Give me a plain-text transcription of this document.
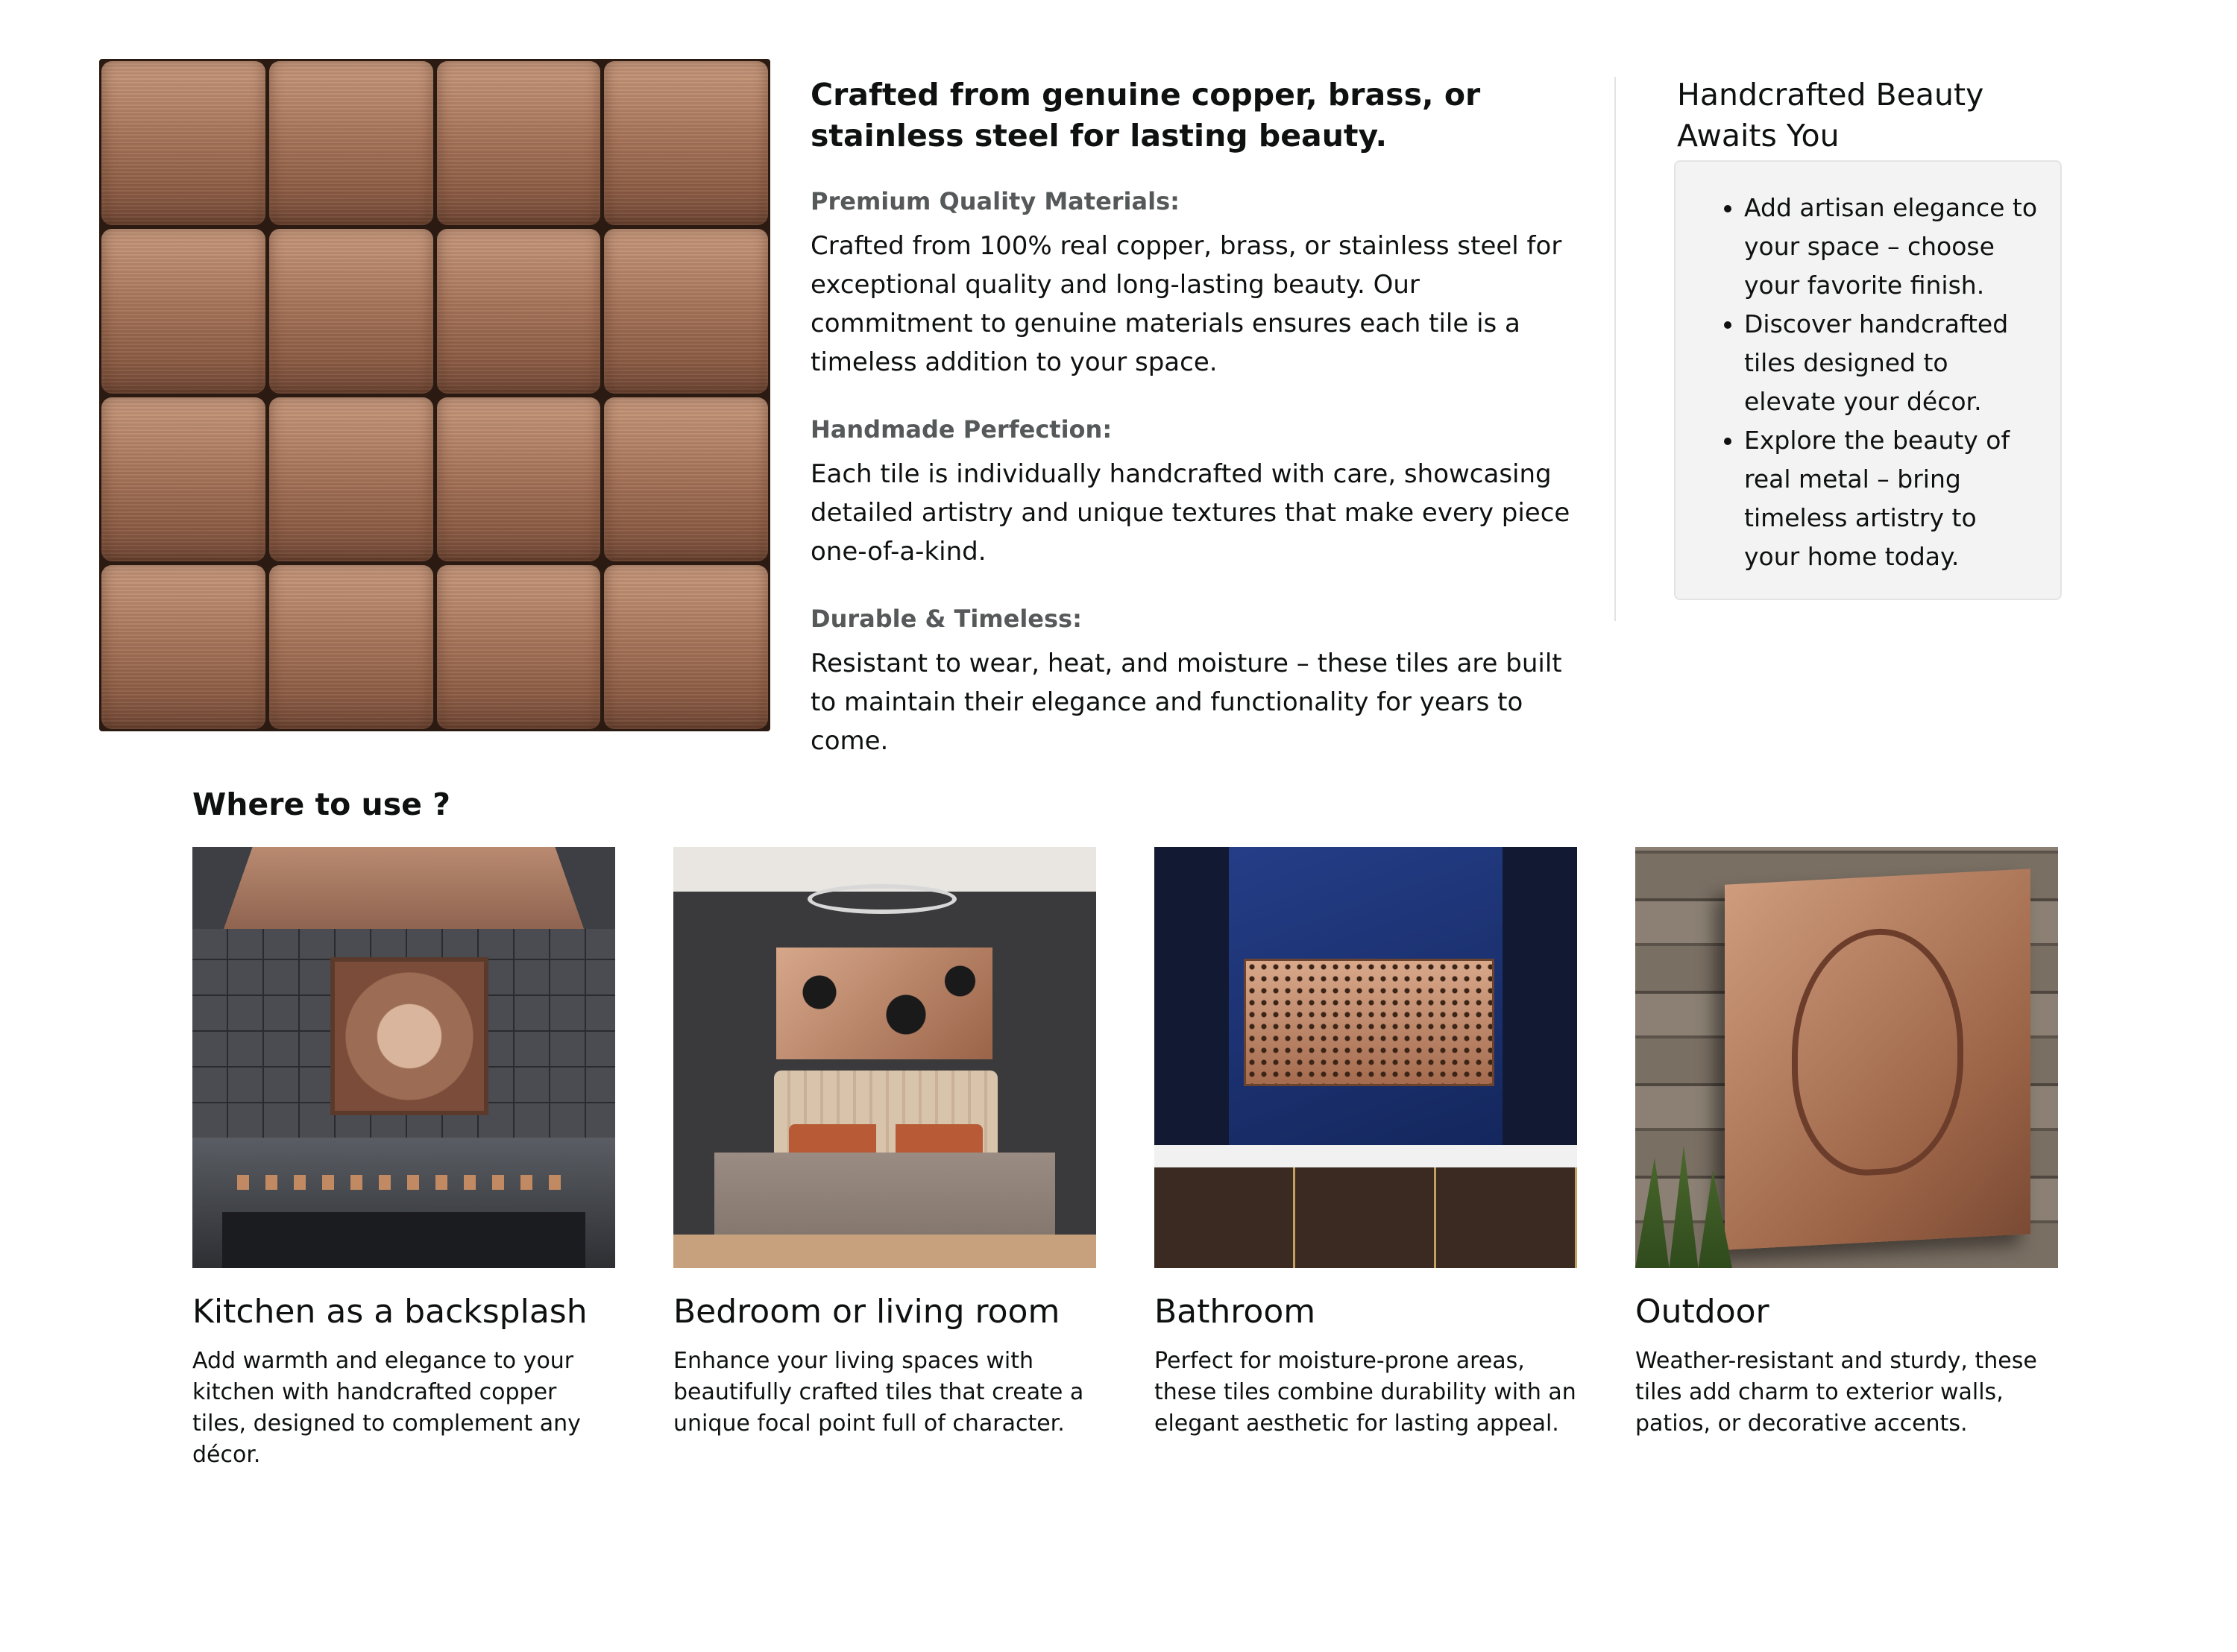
Crafted from genuine copper, brass, or stainless steel for lasting beauty.

Premium Quality Materials:

Crafted from 100% real copper, brass, or stainless steel for exceptional quality and long-lasting beauty. Our commitment to genuine materials ensures each tile is a timeless addition to your space.

Handmade Perfection:

Each tile is individually handcrafted with care, showcasing detailed artistry and unique textures that make every piece one-of-a-kind.

Durable & Timeless:

Resistant to wear, heat, and moisture – these tiles are built to maintain their elegance and functionality for years to come.

Handcrafted Beauty Awaits You
• Add artisan elegance to your space – choose your favorite finish.
• Discover handcrafted tiles designed to elevate your décor.
• Explore the beauty of real metal – bring timeless artistry to your home today.
Where to use ?
Kitchen as a backsplash

Add warmth and elegance to your kitchen with handcrafted copper tiles, designed to complement any décor.

Bedroom or living room

Enhance your living spaces with beautifully crafted tiles that create a unique focal point full of character.

Bathroom

Perfect for moisture-prone areas, these tiles combine durability with an elegant aesthetic for lasting appeal.

Outdoor

Weather-resistant and sturdy, these tiles add charm to exterior walls, patios, or decorative accents.
